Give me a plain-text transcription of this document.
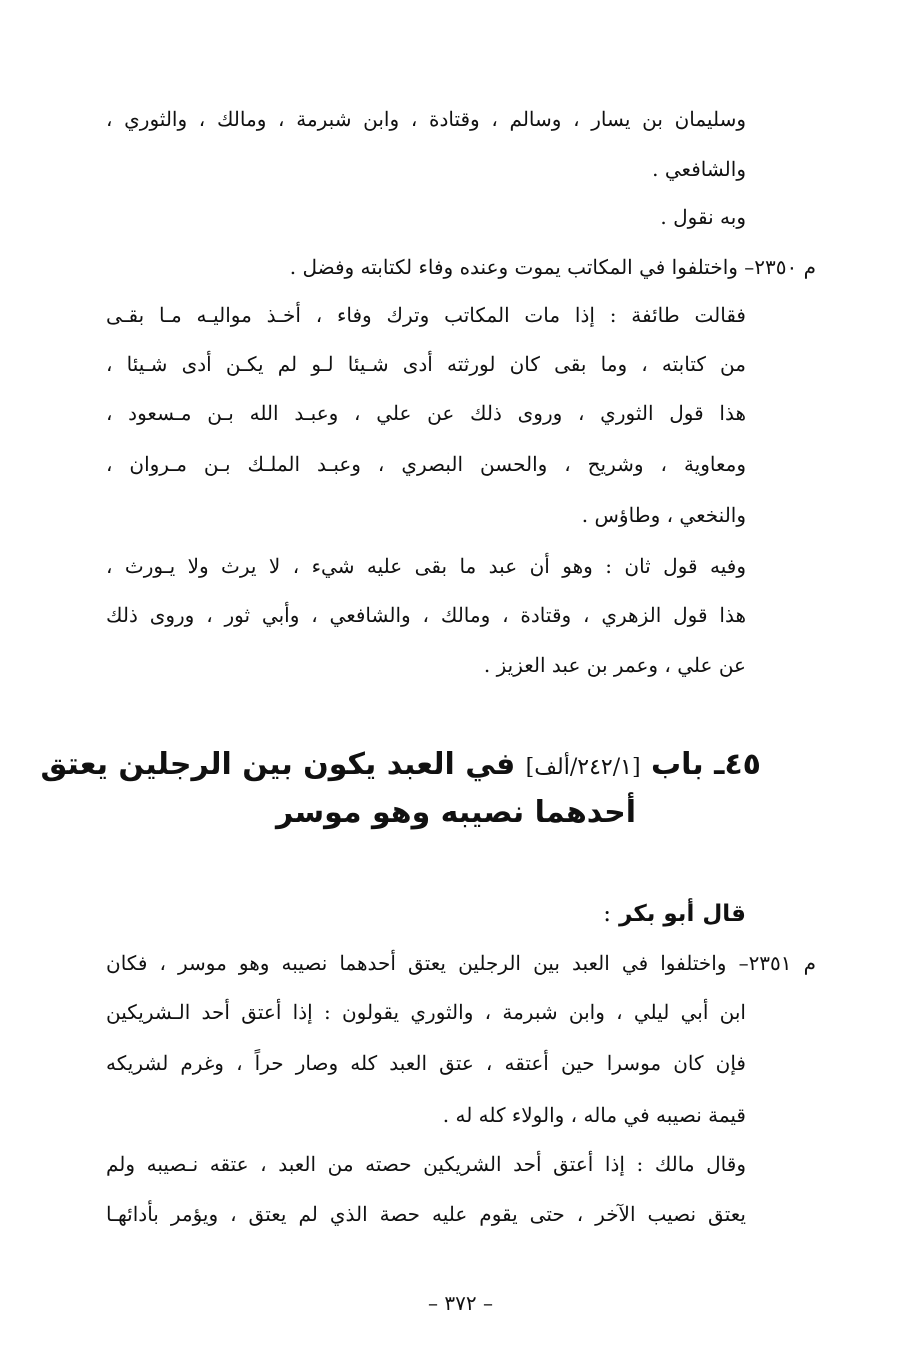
وسليمان بن يسار ، وسالم ، وقتادة ، وابن شبرمة ، ومالك ، والثوري ،
والشافعي .
وبه نقول .
م ٢٣٥٠– واختلفوا في المكاتب يموت وعنده وفاء لكتابته وفضل .
فقالت طائفة : إذا مات المكاتب وترك وفاء ، أخـذ مواليـه مـا بقـى
من كتابته ، وما بقى كان لورثته أدى شـيئا لـو لم يكـن أدى شـيئا ،
هذا قول الثوري ، وروى ذلك عن علي ، وعبـد الله بـن مـسعود ،
ومعاوية ، وشريح ، والحسن البصري ، وعبـد الملـك بـن مـروان ،
والنخعي ، وطاؤس .
وفيه قول ثان : وهو أن عبد ما بقى عليه شيء ، لا يرث ولا يـورث ،
هذا قول الزهري ، وقتادة ، ومالك ، والشافعي ، وأبي ثور ، وروى ذلك
عن علي ، وعمر بن عبد العزيز .
٤٥ـ باب [٢٤٢/١/ألف] في العبد يكون بين الرجلين يعتق
أحدهما نصيبه وهو موسر
قال أبو بكر :
م ٢٣٥١– واختلفوا في العبد بين الرجلين يعتق أحدهما نصيبه وهو موسر ، فكان
ابن أبي ليلي ، وابن شبرمة ، والثوري يقولون : إذا أعتق أحد الـشريكين
فإن كان موسرا حين أعتقه ، عتق العبد كله وصار حراً ، وغرم لشريكه
قيمة نصيبه في ماله ، والولاء كله له .
وقال مالك : إذا أعتق أحد الشريكين حصته من العبد ، عتقه نـصيبه ولم
يعتق نصيب الآخر ، حتى يقوم عليه حصة الذي لم يعتق ، ويؤمر بأدائهـا
– ٣٧٢ –
